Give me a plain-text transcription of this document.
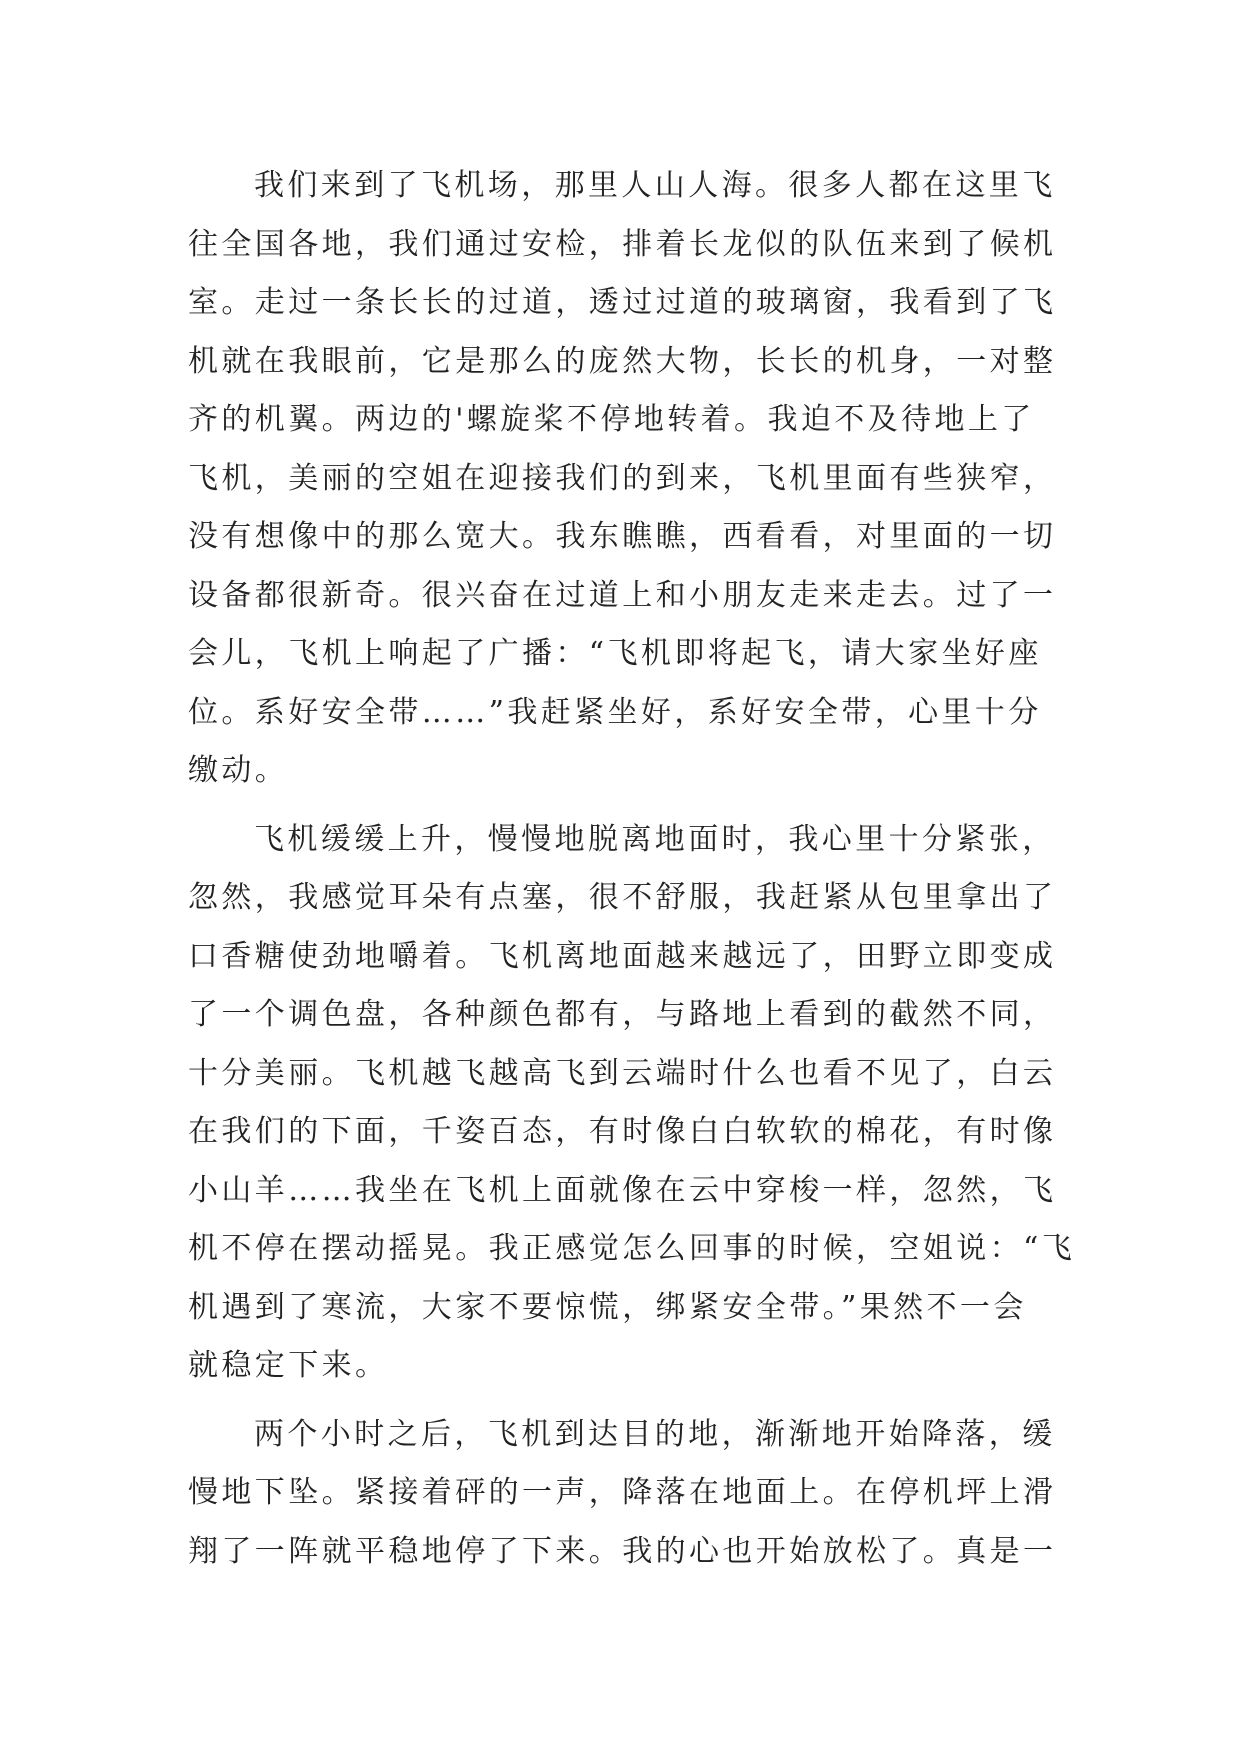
我们来到了飞机场，那里人山人海。很多人都在这里飞
往全国各地，我们通过安检，排着长龙似的队伍来到了候机
室。走过一条长长的过道，透过过道的玻璃窗，我看到了飞
机就在我眼前，它是那么的庞然大物，长长的机身，一对整
齐的机翼。两边的'螺旋桨不停地转着。我迫不及待地上了
飞机，美丽的空姐在迎接我们的到来，飞机里面有些狭窄，
没有想像中的那么宽大。我东瞧瞧，西看看，对里面的一切
设备都很新奇。很兴奋在过道上和小朋友走来走去。过了一
会儿，飞机上响起了广播：“飞机即将起飞，请大家坐好座
位。系好安全带……”我赶紧坐好，系好安全带，心里十分
缴动。
飞机缓缓上升，慢慢地脱离地面时，我心里十分紧张，
忽然，我感觉耳朵有点塞，很不舒服，我赶紧从包里拿出了
口香糖使劲地嚼着。飞机离地面越来越远了，田野立即变成
了一个调色盘，各种颜色都有，与路地上看到的截然不同，
十分美丽。飞机越飞越高飞到云端时什么也看不见了，白云
在我们的下面，千姿百态，有时像白白软软的棉花，有时像
小山羊……我坐在飞机上面就像在云中穿梭一样，忽然，飞
机不停在摆动摇晃。我正感觉怎么回事的时候，空姐说：“飞
机遇到了寒流，大家不要惊慌，绑紧安全带。”果然不一会
就稳定下来。
两个小时之后，飞机到达目的地，渐渐地开始降落，缓
慢地下坠。紧接着砰的一声，降落在地面上。在停机坪上滑
翔了一阵就平稳地停了下来。我的心也开始放松了。真是一
